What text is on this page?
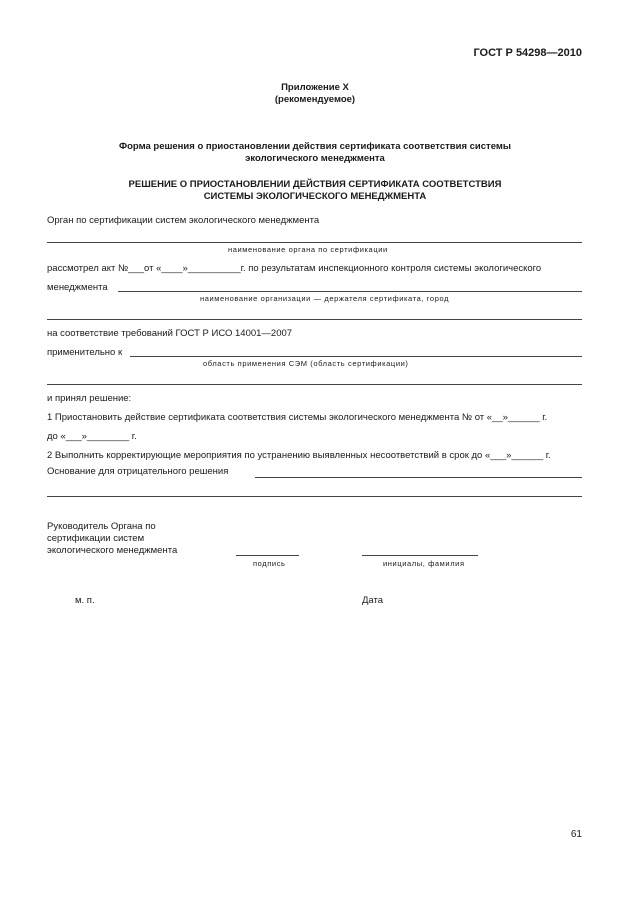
ГОСТ Р 54298—2010
Приложение Х
(рекомендуемое)
Форма решения о приостановлении действия сертификата соответствия системы
экологического менеджмента
РЕШЕНИЕ О ПРИОСТАНОВЛЕНИИ ДЕЙСТВИЯ СЕРТИФИКАТА СООТВЕТСТВИЯ
СИСТЕМЫ ЭКОЛОГИЧЕСКОГО МЕНЕДЖМЕНТА
Орган по сертификации систем экологического менеджмента
наименование органа по сертификации
рассмотрел акт №___от «____»__________г. по результатам инспекционного контроля системы экологического
менеджмента
наименование организации — держателя сертификата, город
на соответствие требований ГОСТ Р ИСО 14001—2007
применительно к
область применения СЭМ (область сертификации)
и принял решение:
1 Приостановить действие сертификата соответствия системы экологического менеджмента № от «__»______ г.
до «___»________ г.
2 Выполнить корректирующие мероприятия по устранению выявленных несоответствий в срок до «___»______ г.
Основание для отрицательного решения
Руководитель Органа по
сертификации систем
экологического менеджмента
подпись	инициалы, фамилия
м. п.	Дата
61
